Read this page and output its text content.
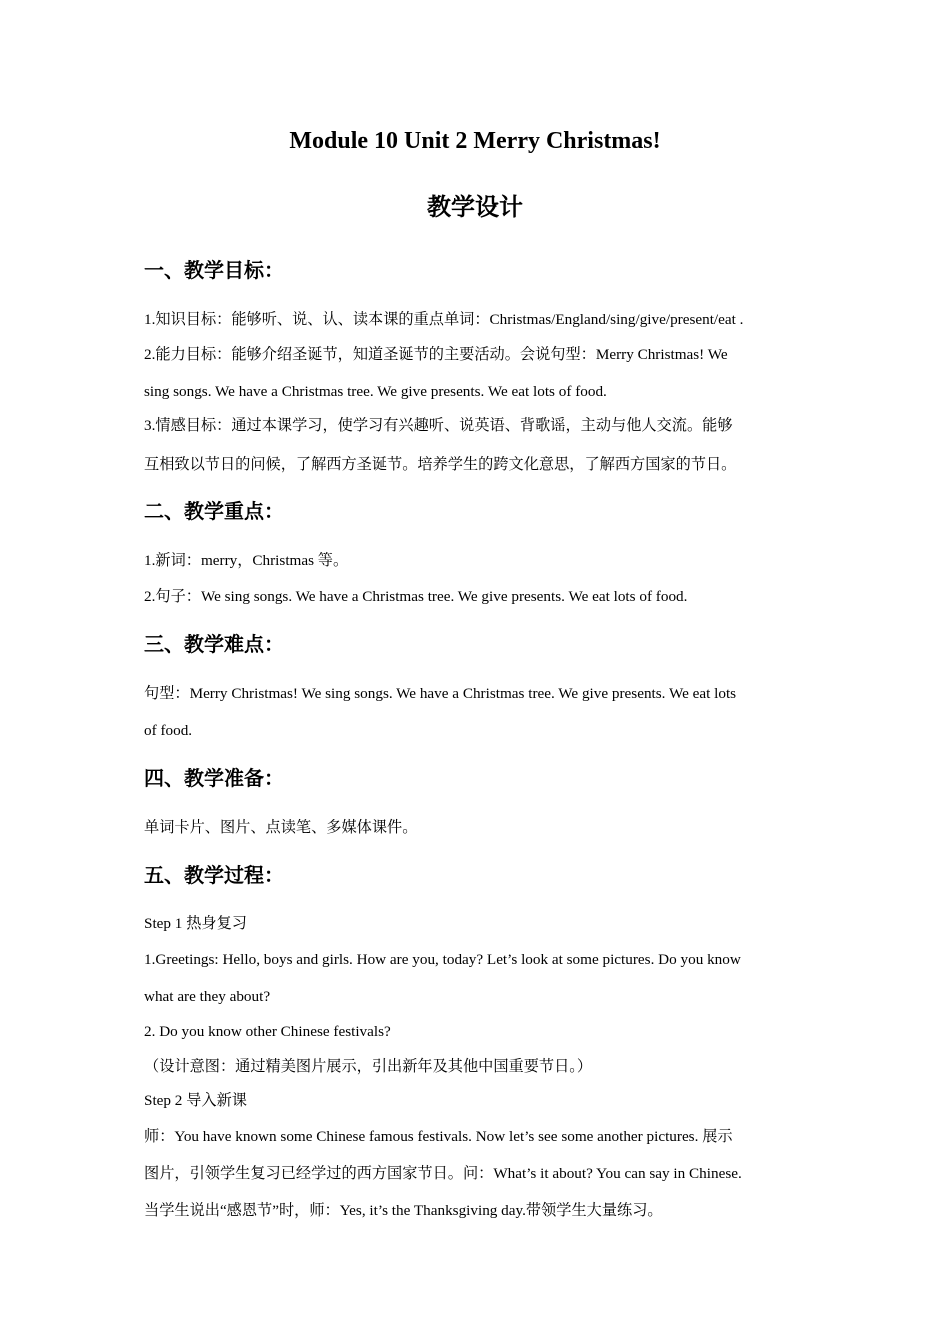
Module 10 Unit 2 Merry Christmas!
教学设计
一、教学目标：
1.知识目标：能够听、说、认、读本课的重点单词：Christmas/England/sing/give/present/eat .
2.能力目标：能够介绍圣诞节，知道圣诞节的主要活动。会说句型：Merry Christmas! We
sing songs. We have a Christmas tree. We give presents. We eat lots of food.
3.情感目标：通过本课学习，使学习有兴趣听、说英语、背歌谣，主动与他人交流。能够
互相致以节日的问候，了解西方圣诞节。培养学生的跨文化意思，了解西方国家的节日。
二、教学重点：
1.新词：merry，Christmas 等。
2.句子：We sing songs. We have a Christmas tree. We give presents. We eat lots of food.
三、教学难点：
句型：Merry Christmas! We sing songs. We have a Christmas tree. We give presents. We eat lots
of food.
四、教学准备：
单词卡片、图片、点读笔、多媒体课件。
五、教学过程：
Step 1 热身复习
1.Greetings: Hello, boys and girls. How are you, today? Let’s look at some pictures. Do you know
what are they about?
2. Do you know other Chinese festivals?
（设计意图：通过精美图片展示，引出新年及其他中国重要节日。）
Step 2 导入新课
师：You have known some Chinese famous festivals. Now let’s see some another pictures. 展示
图片，引领学生复习已经学过的西方国家节日。问：What’s it about? You can say in Chinese.
当学生说出“感恩节”时，师：Yes, it’s the Thanksgiving day.带领学生大量练习。
